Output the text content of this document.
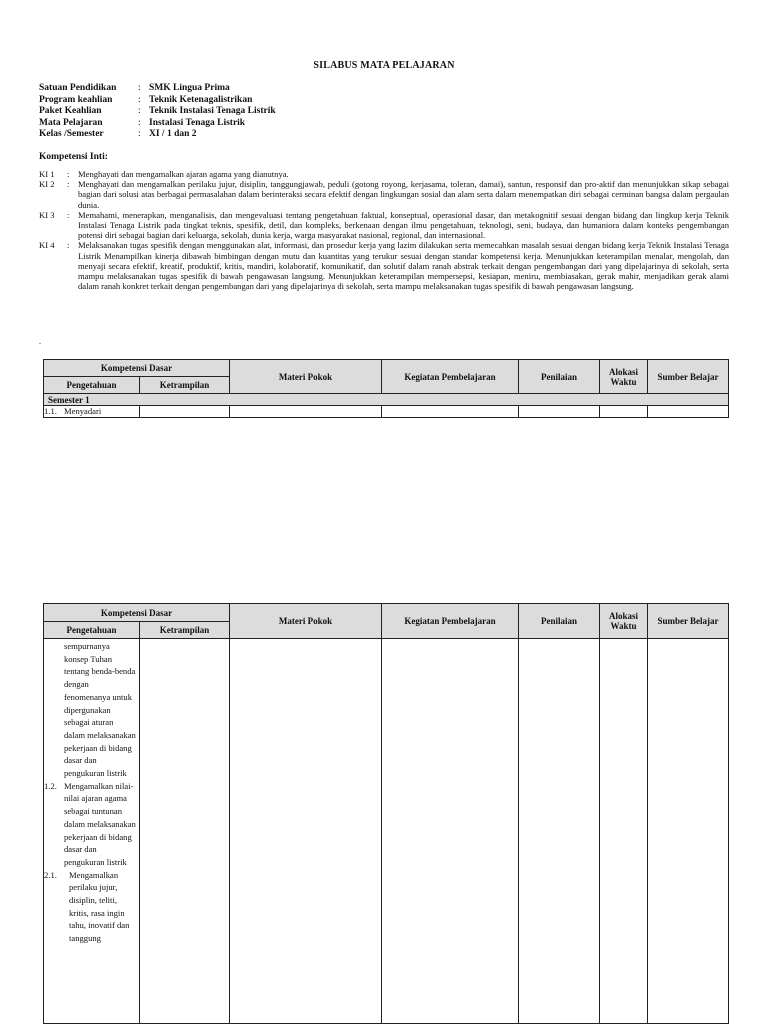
SILABUS MATA PELAJARAN
Satuan Pendidikan	: SMK Lingua Prima
Program keahlian	: Teknik Ketenagalistrikan
Paket Keahlian	: Teknik Instalasi Tenaga Listrik
Mata Pelajaran	: Instalasi Tenaga Listrik
Kelas /Semester	: XI / 1 dan 2
Kompetensi Inti:
KI 1	:	Menghayati dan mengamalkan ajaran agama yang dianutnya.
KI 2	:	Menghayati dan mengamalkan perilaku jujur, disiplin, tanggungjawab, peduli (gotong royong, kerjasama, toleran, damai), santun, responsif dan pro-aktif dan menunjukkan sikap sebagai bagian dari solusi atas berbagai permasalahan dalam berinteraksi secara efektif dengan lingkungan sosial dan alam serta dalam menempatkan diri sebagai cerminan bangsa dalam pergaulan dunia.
KI 3	:	Memahami, menerapkan, menganalisis, dan mengevaluasi tentang pengetahuan faktual, konseptual, operasional dasar, dan metakognitif sesuai dengan bidang dan lingkup kerja Teknik Instalasi Tenaga Listrik pada tingkat teknis, spesifik, detil, dan kompleks, berkenaan dengan ilmu pengetahuan, teknologi, seni, budaya, dan humaniora dalam konteks pengembangan potensi diri sebagai bagian dari keluarga, sekolah, dunia kerja, warga masyarakat nasional, regional, dan internasional.
KI 4	:	Melaksanakan tugas spesifik dengan menggunakan alat, informasi, dan prosedur kerja yang lazim dilakukan serta memecahkan masalah sesuai dengan bidang kerja Teknik Instalasi Tenaga Listrik Menampilkan kinerja dibawah bimbingan dengan mutu dan kuantitas yang terukur sesuai dengan standar kompetensi kerja. Menunjukkan keterampilan menalar, mengolah, dan menyaji secara efektif, kreatif, produktif, kritis, mandiri, kolaboratif, komunikatif, dan solutif dalam ranah abstrak terkait dengan pengembangan dari yang dipelajarinya di sekolah, serta mampu melaksanakan tugas spesifik di bawah pengawasan langsung. Menunjukkan keterampilan mempersepsi, kesiapan, meniru, membiasakan, gerak mahir, menjadikan gerak alami dalam ranah konkret terkait dengan pengembangan dari yang dipelajarinya di sekolah, serta mampu melaksanakan tugas spesifik di bawah pengawasan langsung.
.
Kompetensi Dasar		Materi Pokok	Kegiatan Pembelajaran	Penilaian	Alokasi Waktu	Sumber Belajar
Pengetahuan	Ketrampilan					
Semester 1						

1.1. Menyadari						

Kompetensi Dasar		Materi Pokok	Kegiatan Pembelajaran	Penilaian	Alokasi Waktu	Sumber Belajar
Pengetahuan	Ketrampilan					

sempurnanya konsep Tuhan tentang benda-benda dengan fenomenanya untuk dipergunakan sebagai aturan dalam melaksanakan pekerjaan di bidang dasar dan pengukuran listrik
1.2. Mengamalkan nilai-nilai ajaran agama sebagai tuntunan dalam melaksanakan pekerjaan di bidang dasar dan pengukuran listrik
2.1. Mengamalkan perilaku jujur, disiplin, teliti, kritis, rasa ingin tahu, inovatif dan tanggung						
